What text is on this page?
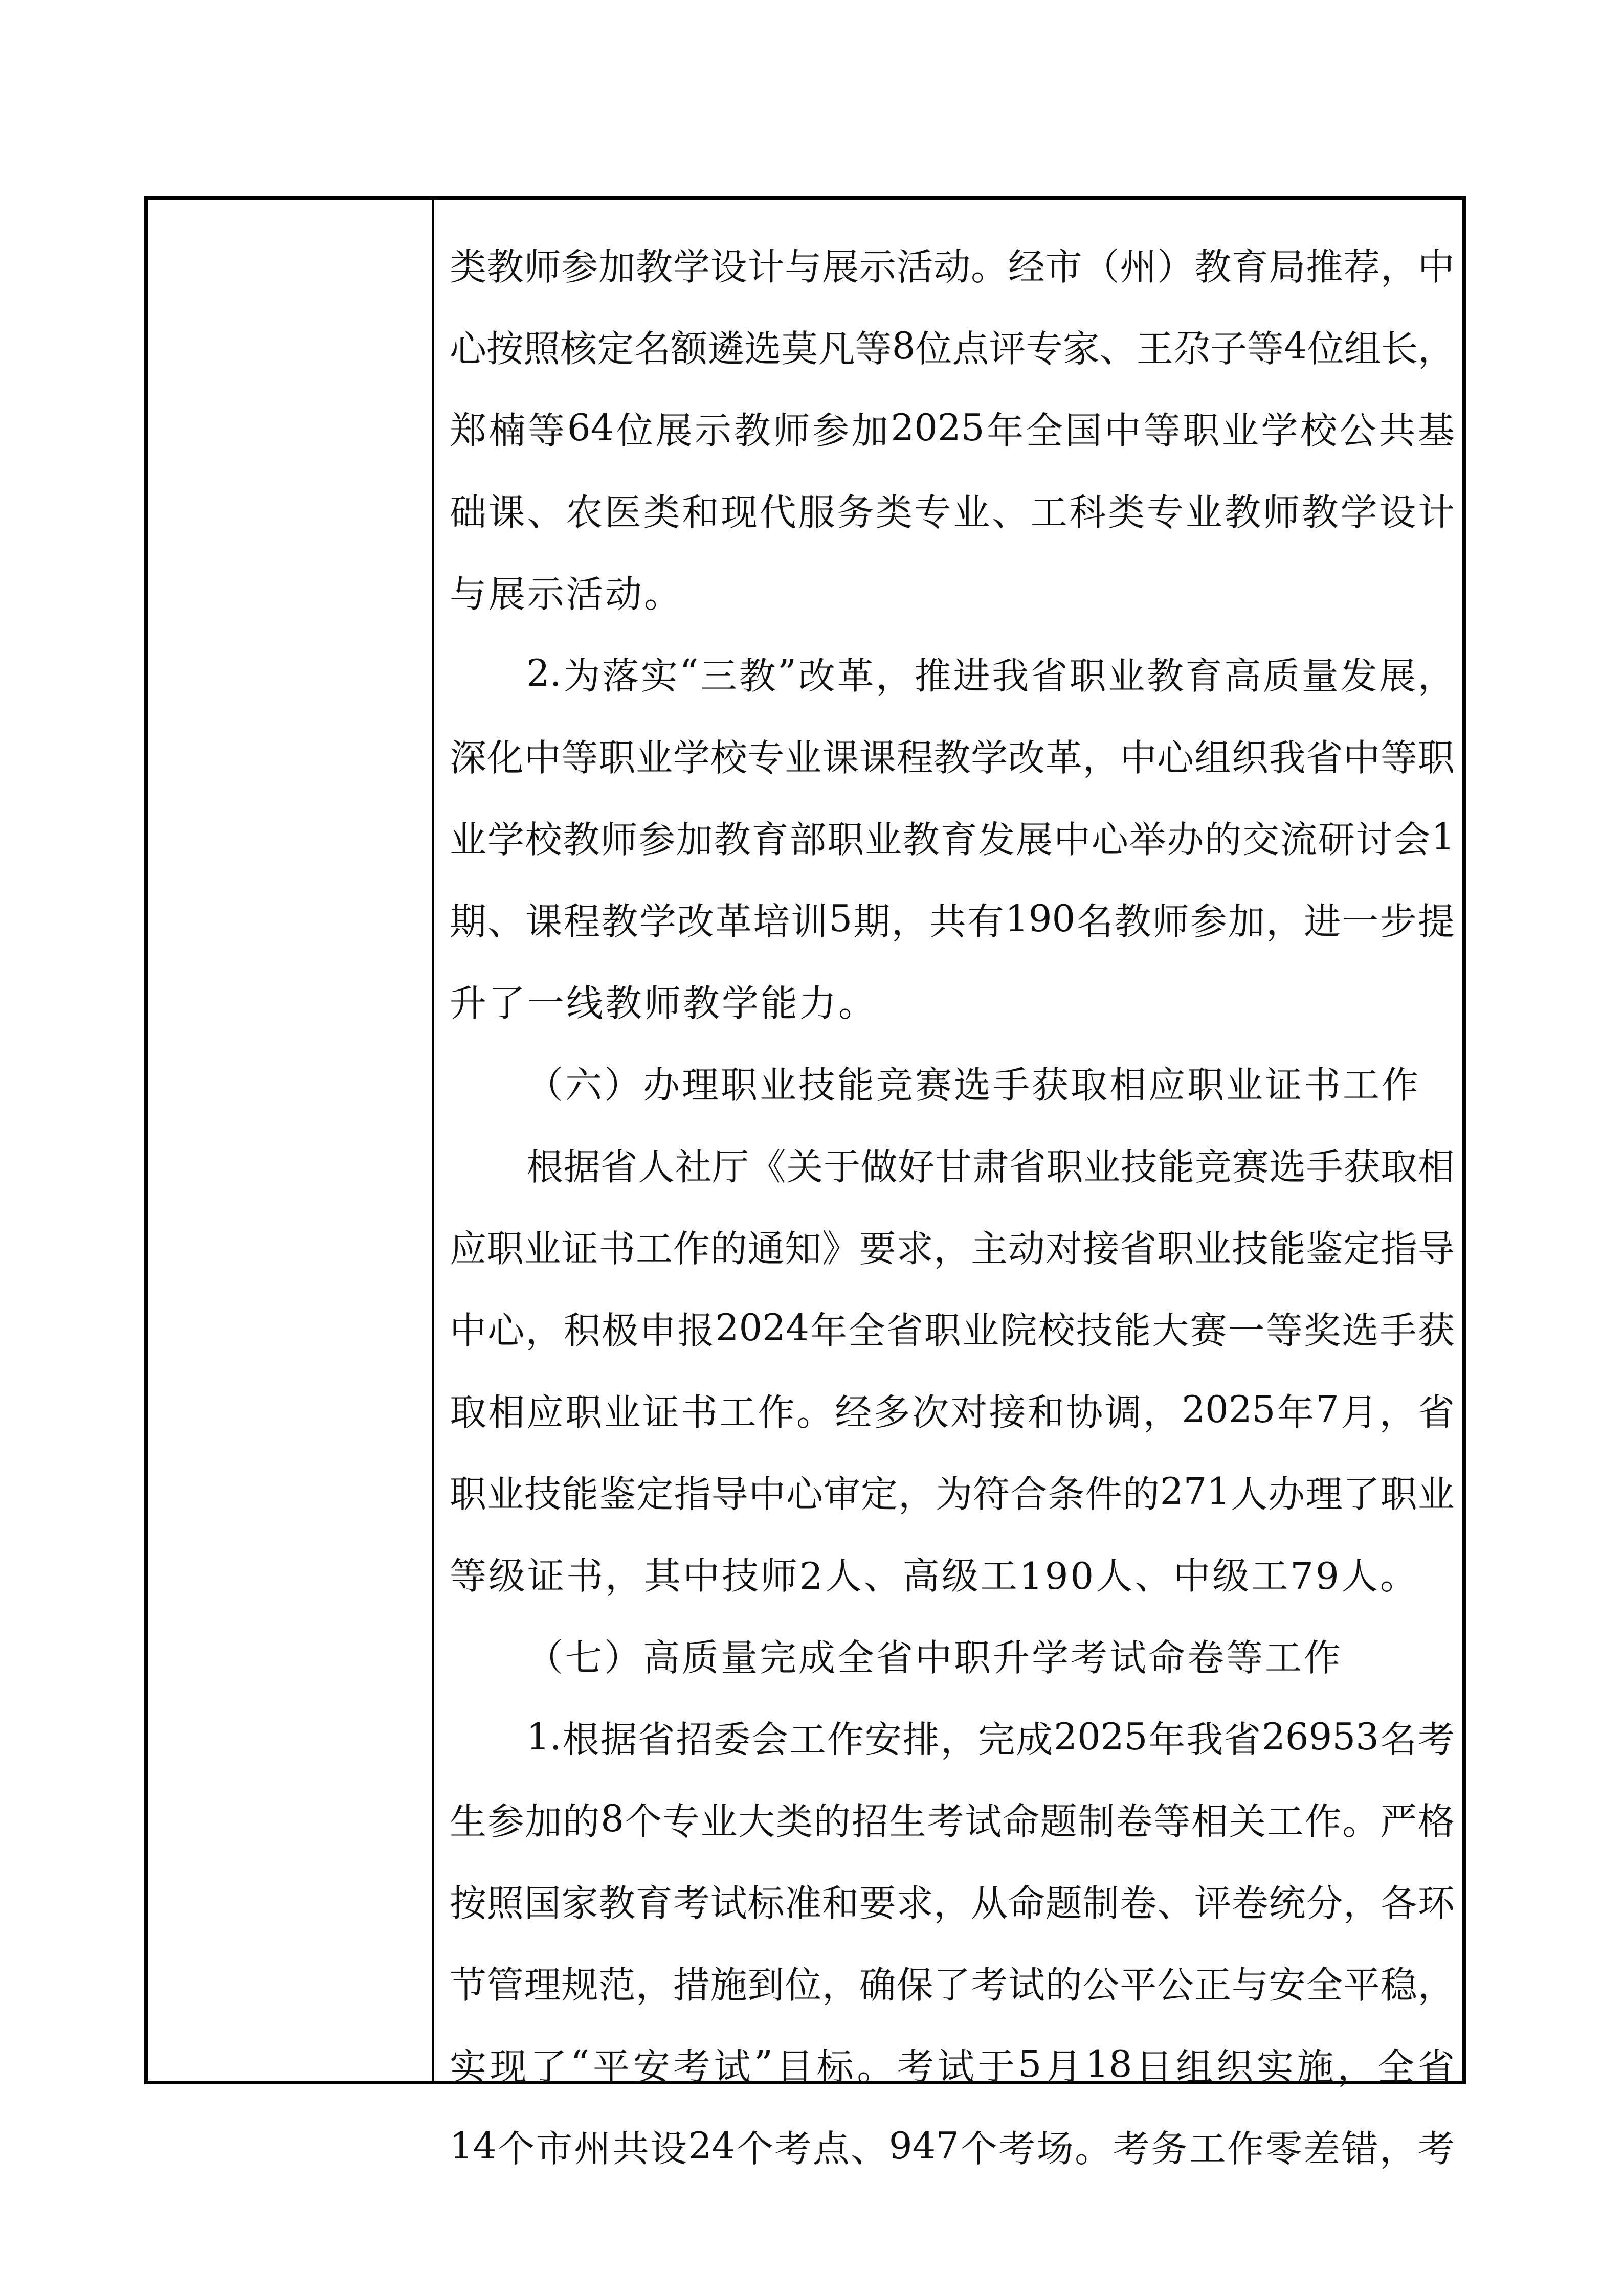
类 教 师 参 加 教 学 设 计 与 展 示 活 动 。 经 市 （ 州 ） 教 育 局 推 荐 ， 中
心 按 照 核 定 名 额 遴 选 莫 凡 等 8 位 点 评 专 家 、 王 尕 子 等 4 位 组 长 ，
郑 楠 等 64 位 展 示 教 师 参 加 2025 年 全 国 中 等 职 业 学 校 公 共 基
础 课 、 农 医 类 和 现 代 服 务 类 专 业 、 工 科 类 专 业 教 师 教 学 设 计
与展示活动。
2. 为 落 实 “ 三 教 ” 改 革 ， 推 进 我 省 职 业 教 育 高 质 量 发 展 ，
深 化 中 等 职 业 学 校 专 业 课 课 程 教 学 改 革 ， 中 心 组 织 我 省 中 等 职
业 学 校 教 师 参 加 教 育 部 职 业 教 育 发 展 中 心 举 办 的 交 流 研 讨 会 1
期 、 课 程 教 学 改 革 培 训 5 期 ， 共 有 190 名 教 师 参 加 ， 进 一 步 提
升了一线教师教学能力。
（六）办理职业技能竞赛选手获取相应职业证书工作
根 据 省 人 社 厅 《 关 于 做 好 甘 肃 省 职 业 技 能 竞 赛 选 手 获 取 相
应 职 业 证 书 工 作 的 通 知 》 要 求 ， 主 动 对 接 省 职 业 技 能 鉴 定 指 导
中 心 ， 积 极 申 报 2024 年 全 省 职 业 院 校 技 能 大 赛 一 等 奖 选 手 获
取 相 应 职 业 证 书 工 作 。 经 多 次 对 接 和 协 调 ， 2025 年 7 月 ， 省
职 业 技 能 鉴 定 指 导 中 心 审 定 ， 为 符 合 条 件 的 271 人 办 理 了 职 业
等级证书，其中技师2人、高级工190人、中级工79人。
（七）高质量完成全省中职升学考试命卷等工作
1. 根 据 省 招 委 会 工 作 安 排 ， 完 成 2025 年 我 省 26953 名 考
生 参 加 的 8 个 专 业 大 类 的 招 生 考 试 命 题 制 卷 等 相 关 工 作 。 严 格
按 照 国 家 教 育 考 试 标 准 和 要 求 ， 从 命 题 制 卷 、 评 卷 统 分 ， 各 环
节 管 理 规 范 ， 措 施 到 位 ， 确 保 了 考 试 的 公 平 公 正 与 安 全 平 稳 ，
实 现 了 “ 平 安 考 试 ” 目 标 。 考 试 于 5 月 18 日 组 织 实 施 ， 全 省
14 个 市 州 共 设 24 个 考 点 、 947 个 考 场 。 考 务 工 作 零 差 错 ， 考
